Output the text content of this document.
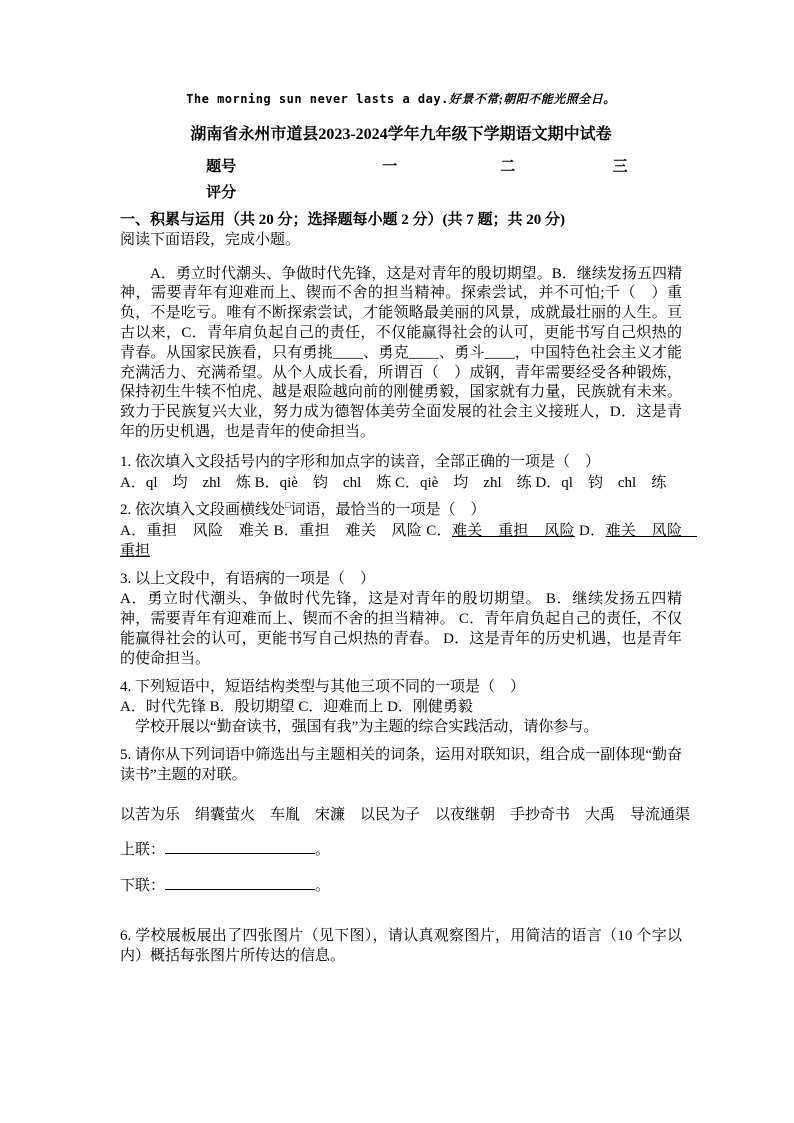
The morning sun never lasts a day.好景不常;朝阳不能光照全日。
湖南省永州市道县2023-2024学年九年级下学期语文期中试卷
题号	一	二	三
评分			
一、积累与运用（共 20 分；选择题每小题 2 分）(共 7 题；共 20 分)
阅读下面语段，完成小题。

A．勇立时代潮头、争做时代先锋，这是对青年的殷切期望。B．继续发扬五四精神，需要青年有迎难而上、锲而不舍的担当精神。探索尝试，并不可怕;千（　）重负，不是吃亏。唯有不断探索尝试，才能领略最美丽的风景，成就最壮丽的人生。亘古以来，C．青年肩负起自己的责任，不仅能赢得社会的认可，更能书写自己炽热的青春。从国家民族看，只有勇挑____、勇克____、勇斗____，中国特色社会主义才能充满活力、充满希望。从个人成长看，所谓百（　）成钢，青年需要经受各种锻炼，保持初生牛犊不怕虎、越是艰险越向前的刚健勇毅，国家就有力量，民族就有未来。致力于民族复兴大业，努力成为德智体美劳全面发展的社会主义接班人，D．这是青年的历史机遇，也是青年的使命担当。

1. 依次填入文段括号内的字形和加点字的读音，全部正确的一项是（　）
A．ql　均　zhl　炼 B．qiè　钧　chl　炼 C．qiè　均　zhl　练 D．ql　钧　chl　练
2. 依次填入文段画横线处□词语，最恰当的一项是（　）
A．重担　风险　难关 B．重担　难关　风险 C．难关　重担　风险 D．难关　风险　重担
3. 以上文段中，有语病的一项是（　）
A．勇立时代潮头、争做时代先锋，这是对青年的殷切期望。 B．继续发扬五四精神，需要青年有迎难而上、锲而不舍的担当精神。 C．青年肩负起自己的责任，不仅能赢得社会的认可，更能书写自己炽热的青春。 D．这是青年的历史机遇，也是青年的使命担当。
4. 下列短语中，短语结构类型与其他三项不同的一项是（　）
A．时代先锋 B．殷切期望 C．迎难而上 D．刚健勇毅
学校开展以“勤奋读书，强国有我”为主题的综合实践活动，请你参与。
5. 请你从下列词语中筛选出与主题相关的词条，运用对联知识，组合成一副体现“勤奋读书”主题的对联。
以苦为乐　绢囊萤火　车胤　宋濂　以民为子　以夜继朝　手抄奇书　大禹　导流通渠
上联：	。
下联：	。
6. 学校展板展出了四张图片（见下图），请认真观察图片，用简洁的语言（10 个字以内）概括每张图片所传达的信息。
